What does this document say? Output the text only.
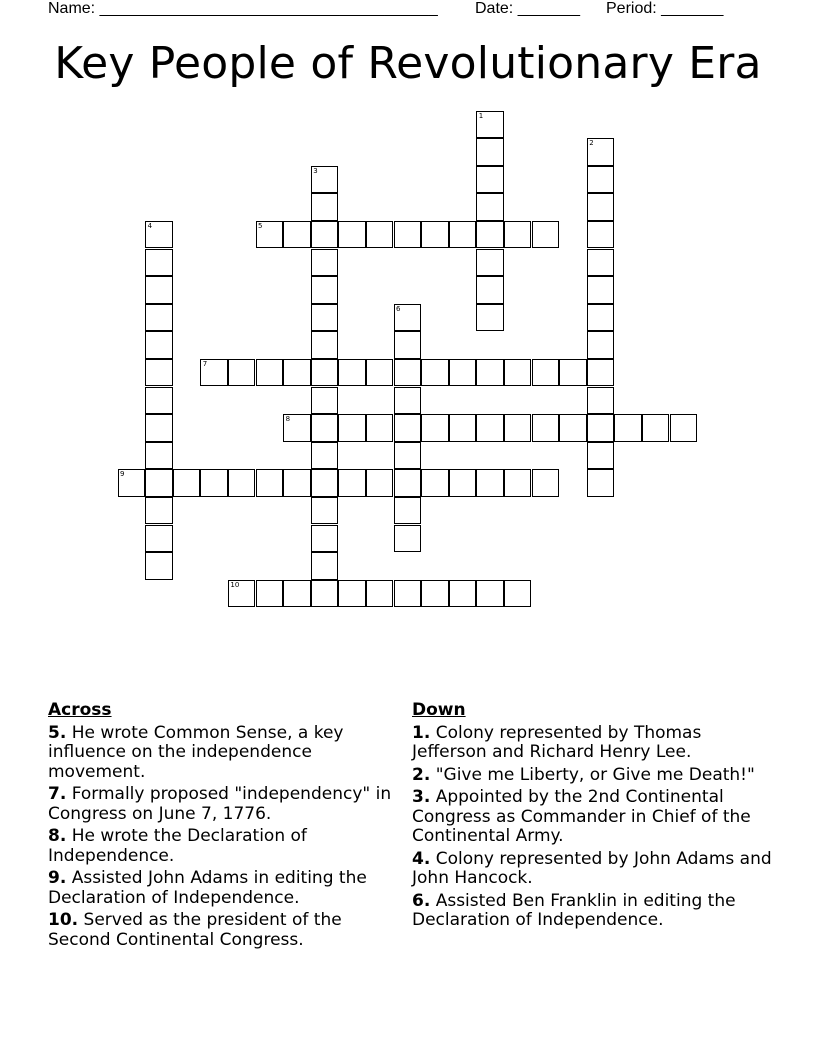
Name: ______________________________________ Date: _______ Period: _______
Key People of Revolutionary Era
1
2
3
4	5
6
7
8
9
10
Across
5. He wrote Common Sense, a key influence on the independence movement.
7. Formally proposed "independency" in Congress on June 7, 1776.
8. He wrote the Declaration of Independence.
9. Assisted John Adams in editing the Declaration of Independence.
10. Served as the president of the Second Continental Congress.
Down
1. Colony represented by Thomas Jefferson and Richard Henry Lee.
2. "Give me Liberty, or Give me Death!"
3. Appointed by the 2nd Continental Congress as Commander in Chief of the Continental Army.
4. Colony represented by John Adams and John Hancock.
6. Assisted Ben Franklin in editing the Declaration of Independence.
